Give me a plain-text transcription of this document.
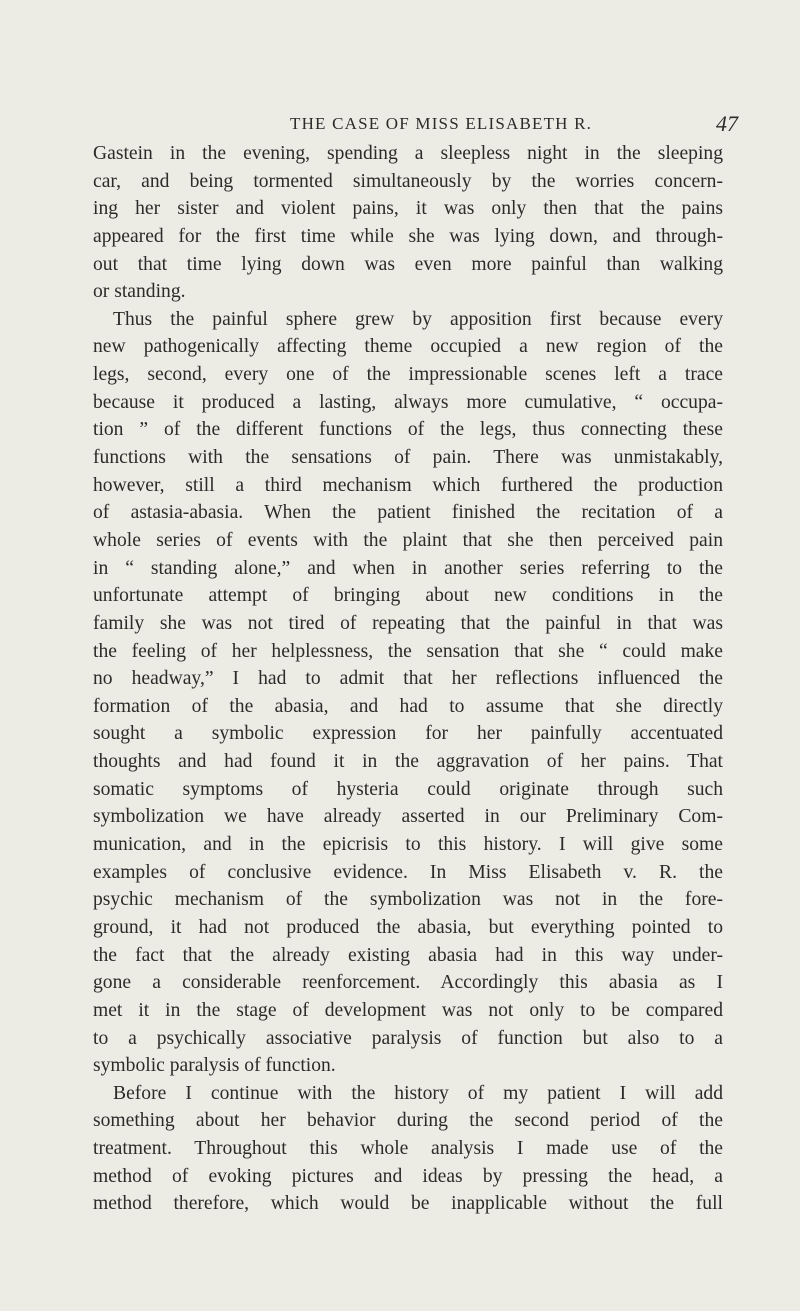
THE CASE OF MISS ELISABETH R.	47
Gastein in the evening, spending a sleepless night in the sleeping
car, and being tormented simultaneously by the worries concern-
ing her sister and violent pains, it was only then that the pains
appeared for the first time while she was lying down, and through-
out that time lying down was even more painful than walking
or standing.
Thus the painful sphere grew by apposition first because every
new pathogenically affecting theme occupied a new region of the
legs, second, every one of the impressionable scenes left a trace
because it produced a lasting, always more cumulative, “ occupa-
tion ” of the different functions of the legs, thus connecting these
functions with the sensations of pain. There was unmistakably,
however, still a third mechanism which furthered the production
of astasia-abasia. When the patient finished the recitation of a
whole series of events with the plaint that she then perceived pain
in “ standing alone,” and when in another series referring to the
unfortunate attempt of bringing about new conditions in the
family she was not tired of repeating that the painful in that was
the feeling of her helplessness, the sensation that she “ could make
no headway,” I had to admit that her reflections influenced the
formation of the abasia, and had to assume that she directly
sought a symbolic expression for her painfully accentuated
thoughts and had found it in the aggravation of her pains. That
somatic symptoms of hysteria could originate through such
symbolization we have already asserted in our Preliminary Com-
munication, and in the epicrisis to this history. I will give some
examples of conclusive evidence. In Miss Elisabeth v. R. the
psychic mechanism of the symbolization was not in the fore-
ground, it had not produced the abasia, but everything pointed to
the fact that the already existing abasia had in this way under-
gone a considerable reenforcement. Accordingly this abasia as I
met it in the stage of development was not only to be compared
to a psychically associative paralysis of function but also to a
symbolic paralysis of function.
Before I continue with the history of my patient I will add
something about her behavior during the second period of the
treatment. Throughout this whole analysis I made use of the
method of evoking pictures and ideas by pressing the head, a
method therefore, which would be inapplicable without the full
